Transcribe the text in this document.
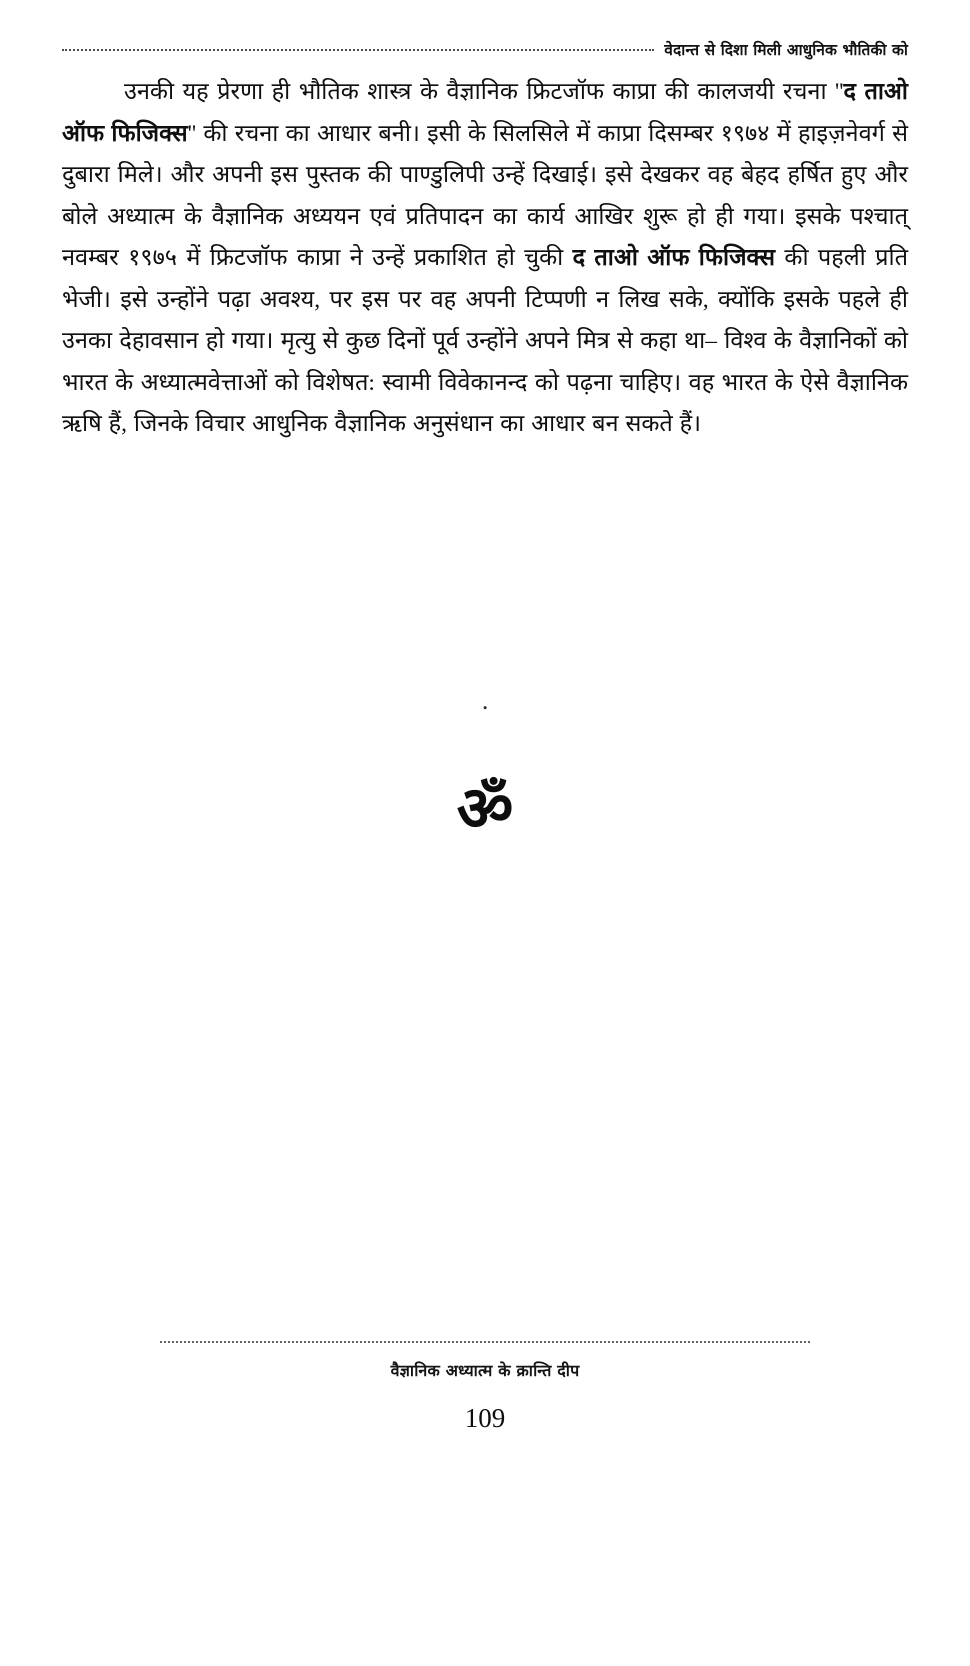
वेदान्त से दिशा मिली आधुनिक भौतिकी को

उनकी यह प्रेरणा ही भौतिक शास्त्र के वैज्ञानिक फ्रिटजॉफ काप्रा की कालजयी रचना ''द ताओ ऑफ फिजिक्स'' की रचना का आधार बनी। इसी के सिलसिले में काप्रा दिसम्बर १९७४ में हाइज़नेवर्ग से दुबारा मिले। और अपनी इस पुस्तक की पाण्डुलिपी उन्हें दिखाई। इसे देखकर वह बेहद हर्षित हुए और बोले अध्यात्म के वैज्ञानिक अध्ययन एवं प्रतिपादन का कार्य आखिर शुरू हो ही गया। इसके पश्चात् नवम्बर १९७५ में फ्रिटजॉफ काप्रा ने उन्हें प्रकाशित हो चुकी द ताओ ऑफ फिजिक्स की पहली प्रति भेजी। इसे उन्होंने पढ़ा अवश्य, पर इस पर वह अपनी टिप्पणी न लिख सके, क्योंकि इसके पहले ही उनका देहावसान हो गया। मृत्यु से कुछ दिनों पूर्व उन्होंने अपने मित्र से कहा था– विश्व के वैज्ञानिकों को भारत के अध्यात्मवेत्ताओं को विशेषत: स्वामी विवेकानन्द को पढ़ना चाहिए। वह भारत के ऐसे वैज्ञानिक ऋषि हैं, जिनके विचार आधुनिक वैज्ञानिक अनुसंधान का आधार बन सकते हैं।

ॱ
ॐ
वैज्ञानिक अध्यात्म के क्रान्ति दीप
109
